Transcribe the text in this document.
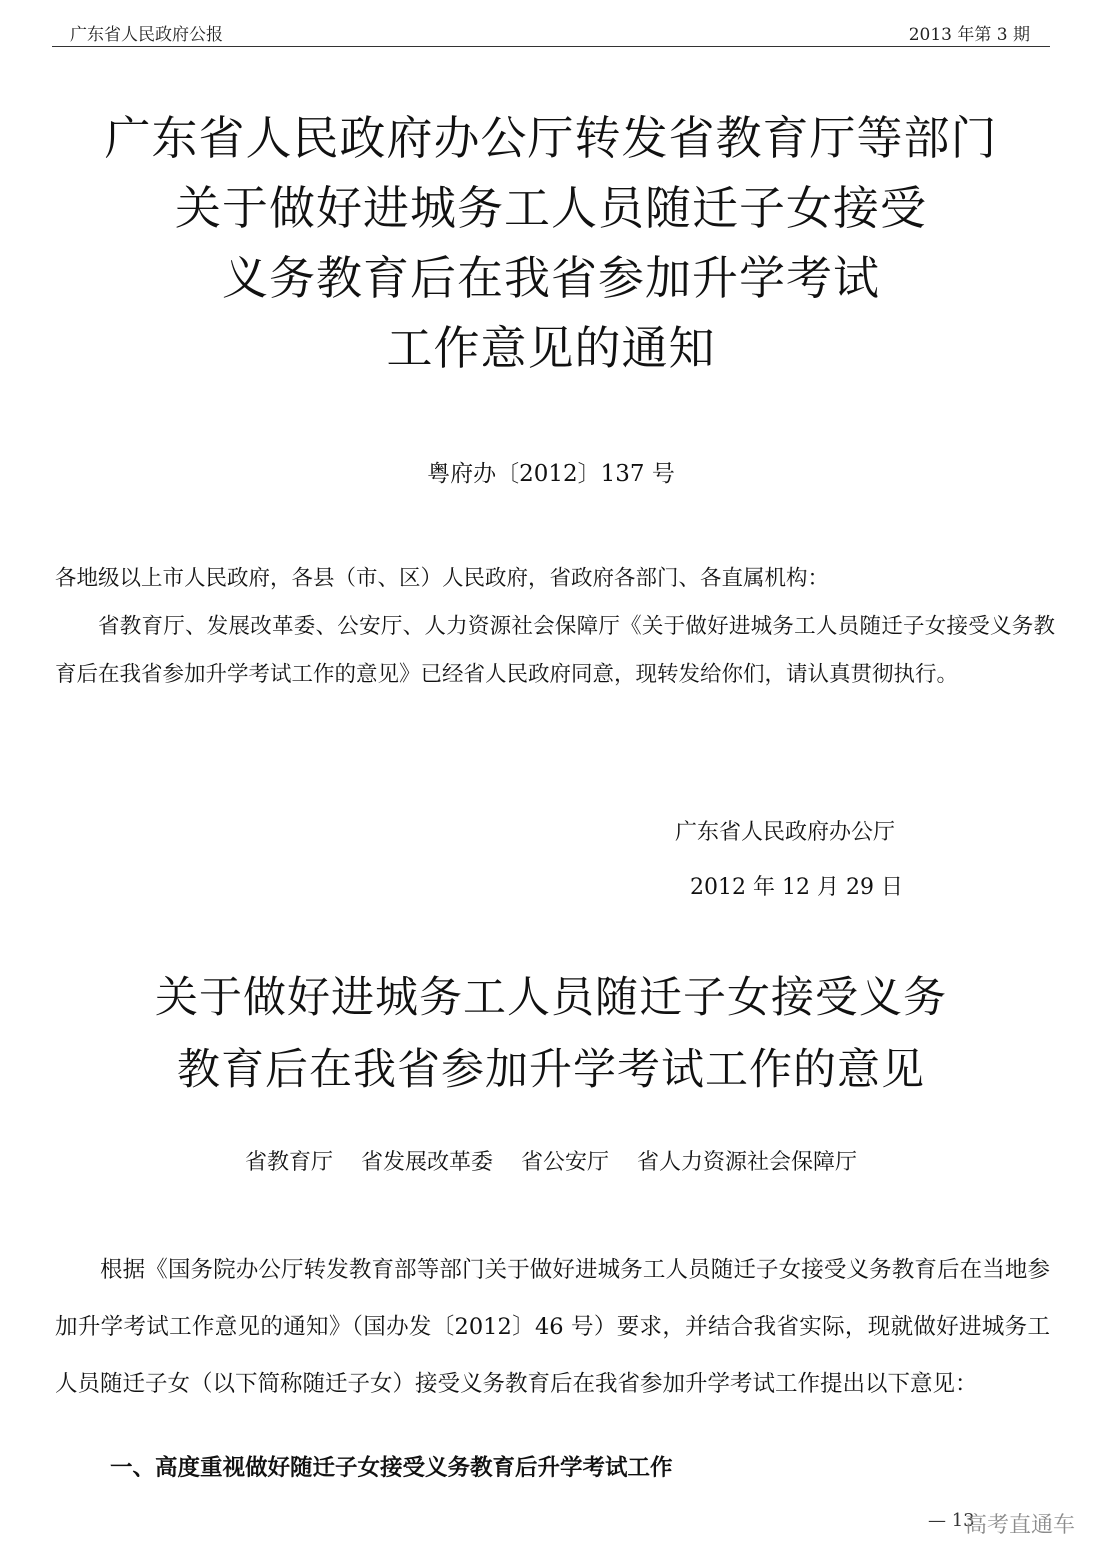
广东省人民政府公报	2013 年第 3 期
广东省人民政府办公厅转发省教育厅等部门
关于做好进城务工人员随迁子女接受
义务教育后在我省参加升学考试
工作意见的通知
粤府办〔2012〕137 号
各地级以上市人民政府，各县（市、区）人民政府，省政府各部门、各直属机构：
省教育厅、发展改革委、公安厅、人力资源社会保障厅《关于做好进城务工人员随迁子女接受义务教育后在我省参加升学考试工作的意见》已经省人民政府同意，现转发给你们，请认真贯彻执行。
广东省人民政府办公厅
2012 年 12 月 29 日
关于做好进城务工人员随迁子女接受义务
教育后在我省参加升学考试工作的意见
省教育厅    省发展改革委    省公安厅    省人力资源社会保障厅

根据《国务院办公厅转发教育部等部门关于做好进城务工人员随迁子女接受义务教育后在当地参加升学考试工作意见的通知》（国办发〔2012〕46 号）要求，并结合我省实际，现就做好进城务工人员随迁子女（以下简称随迁子女）接受义务教育后在我省参加升学考试工作提出以下意见：

一、高度重视做好随迁子女接受义务教育后升学考试工作
— 13
高考直通车
